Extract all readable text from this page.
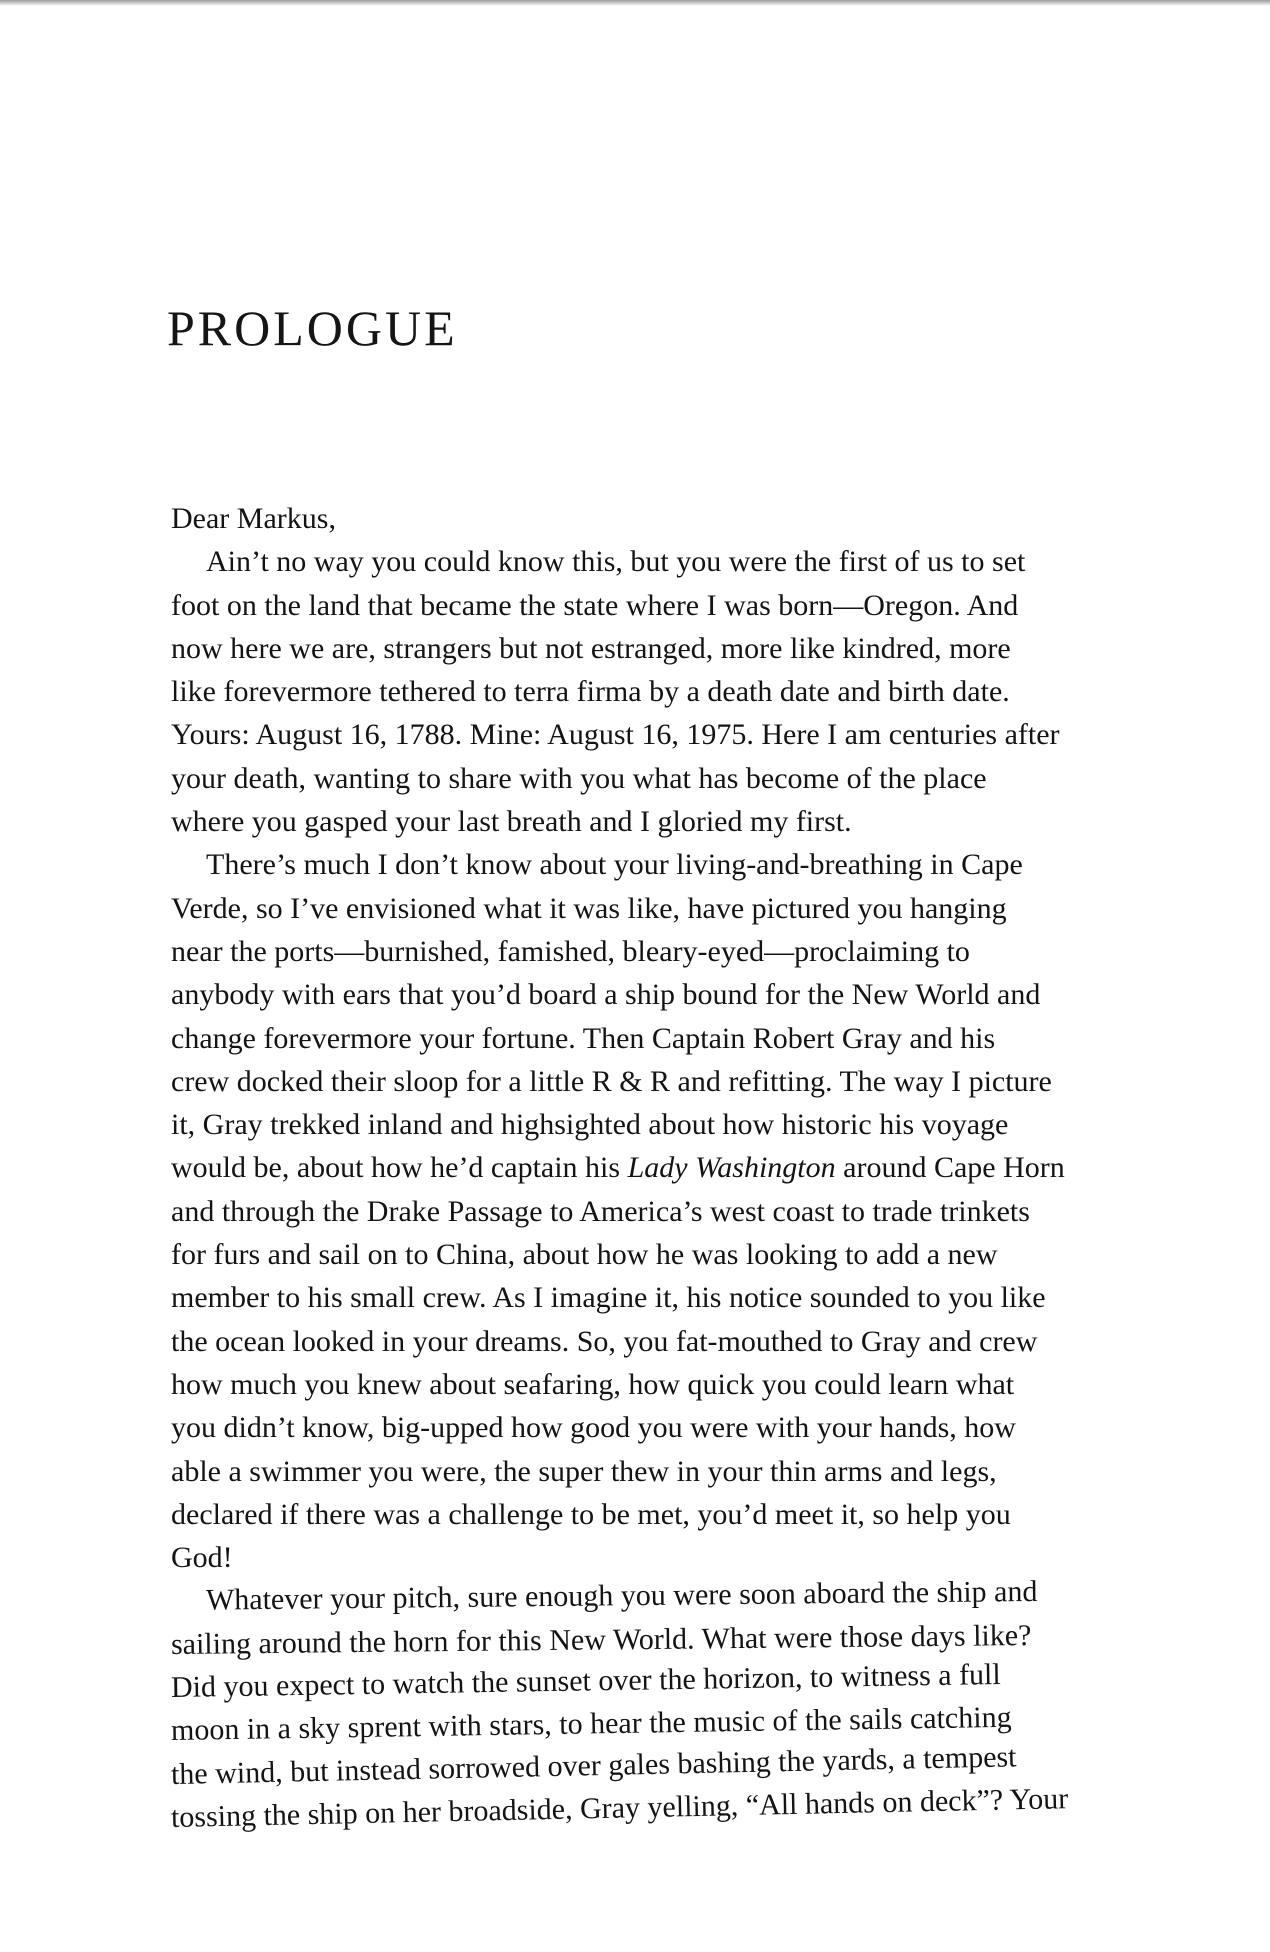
PROLOGUE
Dear Markus,
Ain’t no way you could know this, but you were the first of us to set
foot on the land that became the state where I was born—Oregon. And
now here we are, strangers but not estranged, more like kindred, more
like forevermore tethered to terra firma by a death date and birth date.
Yours: August 16, 1788. Mine: August 16, 1975. Here I am centuries after
your death, wanting to share with you what has become of the place
where you gasped your last breath and I gloried my first.
There’s much I don’t know about your living-and-breathing in Cape
Verde, so I’ve envisioned what it was like, have pictured you hanging
near the ports—burnished, famished, bleary-eyed—proclaiming to
anybody with ears that you’d board a ship bound for the New World and
change forevermore your fortune. Then Captain Robert Gray and his
crew docked their sloop for a little R & R and refitting. The way I picture
it, Gray trekked inland and highsighted about how historic his voyage
would be, about how he’d captain his Lady Washington around Cape Horn
and through the Drake Passage to America’s west coast to trade trinkets
for furs and sail on to China, about how he was looking to add a new
member to his small crew. As I imagine it, his notice sounded to you like
the ocean looked in your dreams. So, you fat-mouthed to Gray and crew
how much you knew about seafaring, how quick you could learn what
you didn’t know, big-upped how good you were with your hands, how
able a swimmer you were, the super thew in your thin arms and legs,
declared if there was a challenge to be met, you’d meet it, so help you
God!
Whatever your pitch, sure enough you were soon aboard the ship and
sailing around the horn for this New World. What were those days like?
Did you expect to watch the sunset over the horizon, to witness a full
moon in a sky sprent with stars, to hear the music of the sails catching
the wind, but instead sorrowed over gales bashing the yards, a tempest
tossing the ship on her broadside, Gray yelling, “All hands on deck”? Your
